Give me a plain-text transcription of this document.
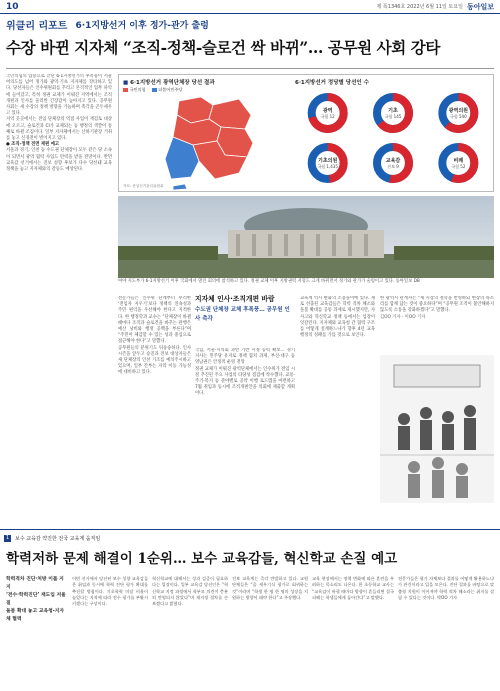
10	제 폭1346호 2022년 6월 11일 토요일 동아일보
위클리 리포트 6·1지방선거 이후 정가-관가 출렁
수장 바뀐 지자체 “조직-정책-슬로건 싹 바뀌”… 공무원 사회 강타
국민의힘의 압승으로 끝난 6·1지방선거의 후폭풍이 서울 여의도를 넘어 정가와 광역·기초 지자체를 강타하고 있다. 당선자들은 인수위원회를 꾸리고 본격적인 업무 파악에 들어갔고, 특히 정권 교체가 이뤄진 지역에서는 조직개편과 인사를 둘러싼 긴장감이 높아지고 있다. 공무원 사회는 새 수장의 정책 방향을 가늠하며 촉각을 곤두세우고 있다.
지역 곳곳에서는 전임 단체장의 역점 사업이 재검토 대상에 오르고, 슬로건과 CI가 교체되는 등 행정의 색깔이 통째로 바뀔 조짐이다. 일부 지자체에서는 산하기관장 거취를 놓고 신경전이 벌어지고 있다.
● 조직-정책 전면 재편 예고
서울과 경기, 인천 등 수도권 단체장이 모두 같은 당 소속이 되면서 광역 협력 사업도 탄력을 받을 전망이다. 반면 교육감 선거에서는 진보 성향 후보가 다수 당선돼 교육 정책을 놓고 지자체와의 갈등도 예상된다.
■ 6·1지방선거 광역단체장 당선 결과
국민의힘	더불어민주당
6·1지방선거 정당별 당선인 수
광역
국힘 12
기초
국힘 145
광역의원
국힘 540
기초의원
국힘 1,435
교육감
진보 9
비례
국힘 52
자료: 중앙선거관리위원회
여야 지도부가 6·1지방선거 이후 국회에서 열린 회의에 참석하고 있다. 정권 교체 이후 지방권력 지형도 크게 바뀌면서 정가와 관가가 술렁이고 있다. 동아일보 DB
전문가들은 인수위 단계부터 무리한 ‘전임자 지우기’보다 정책의 연속성과 주민 편익을 우선해야 한다고 지적한다. 한 행정학과 교수는 “단체장이 바뀔 때마다 조직과 슬로건을 바꾸는 관행은 예산 낭비와 행정 공백을 부른다”며 “주민이 체감할 수 있는 성과 중심으로 접근해야 한다”고 말했다.
공무원들의 분위기도 뒤숭숭하다. 인사 시즌을 앞두고 승진과 전보 대상자들은 새 단체장의 인선 기조를 예의주시하고 있으며, 일부 간부는 자리 이동 가능성에 대비하고 있다.
지자체 인사·조직개편 바람
수도권 단체장 교체 후폭풍… 공무원 인사 촉각
국힘, 서울·시의회 과반 기반 시정 동력 확보… 경기 지사는 민주당 유지로 정책 협치 과제, 부산·대구 등 영남권은 안정적 운영 전망
정권 교체가 이뤄진 광역단체에서는 인수위가 전임 시절 추진된 주요 사업의 타당성 점검에 착수했다. 교통·주거·복지 등 분야별로 공약 이행 로드맵을 마련하고 7월 취임과 동시에 조직개편안을 의회에 제출할 계획이다.
교육계 역시 변화의 소용돌이에 있다. 새로 선출된 교육감들은 학력 격차 해소와 돌봄 확대를 공통 과제로 제시했지만, 자사고와 혁신학교 정책 등에서는 입장이 엇갈린다. 지자체와 교육청 간 협력 구조를 어떻게 설계하느냐가 향후 4년 교육 행정의 성패를 가를 것으로 보인다.
한 광역시 관계자는 “새 시장의 철학을 반영하되 현장의 목소리를 함께 담는 것이 중요하다”며 “공무원 조직이 불안해하지 않도록 소통을 강화하겠다”고 말했다.
김OO 기자 · 이OO 기자
1	보수 교육감 약진한 전국 교육계 움직임
학력저하 문제 해결이 1순위… 보수 교육감들, 혁신학교 손질 예고
학력격차 진단·처방 이룰 지지
‘전수·학력진단’ 재도입 저울질
돌봄 확대 놓고 교육청-지자체 협력
이번 선거에서 당선된 보수 성향 교육감들은 취임과 동시에 학력 진단 평가 확대를 추진할 방침이다. 기초학력 미달 비율이 늘었다는 지적에 따라 전수 평가를 부활시키겠다는 구상이다.
혁신학교에 대해서는 성과 검증이 필요하다는 입장이다. 일부 교육감 당선인은 “혁신학교 지정 과정에서 학부모 의견이 충분히 반영되지 않았다”며 재지정 절차를 손보겠다고 밝혔다.
진보 교육계는 즉각 반발하고 있다. 교원단체들은 “줄 세우기식 평가로 회귀하는 것”이라며 “학생 한 명 한 명의 성장을 지원하는 방향이 돼야 한다”고 주장했다.
교육 현장에서는 정책 변화에 따른 혼란을 우려하는 목소리도 나온다. 한 초등학교 교사는 “교육감이 바뀔 때마다 방향이 흔들리면 결국 피해는 학생들에게 돌아간다”고 말했다.
전문가들은 평가 자체보다 결과를 어떻게 활용하느냐가 관건이라고 입을 모은다. 진단 결과를 바탕으로 맞춤형 지원이 이어져야 학력 격차 해소라는 취지를 살릴 수 있다는 것이다. 박OO 기자
